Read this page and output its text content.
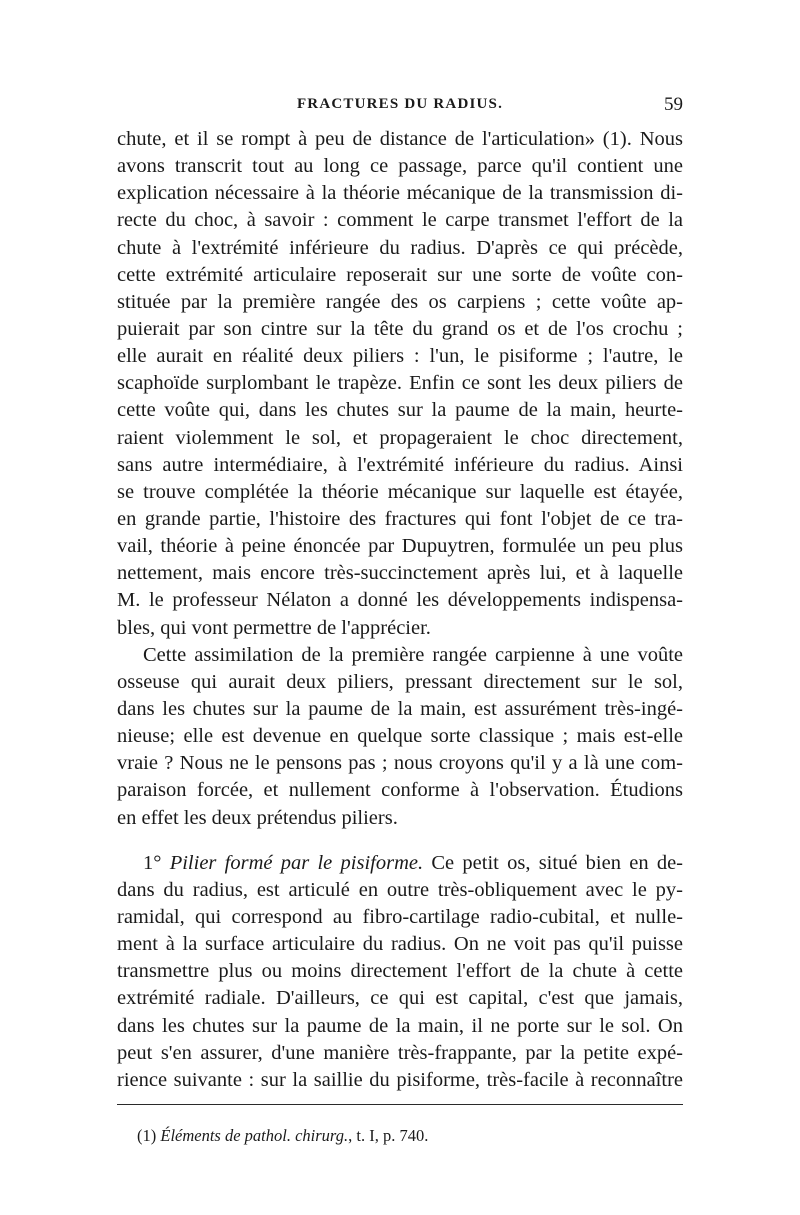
FRACTURES DU RADIUS.	59
chute, et il se rompt à peu de distance de l'articulation» (1). Nous
avons transcrit tout au long ce passage, parce qu'il contient une
explication nécessaire à la théorie mécanique de la transmission di-
recte du choc, à savoir : comment le carpe transmet l'effort de la
chute à l'extrémité inférieure du radius. D'après ce qui précède,
cette extrémité articulaire reposerait sur une sorte de voûte con-
stituée par la première rangée des os carpiens ; cette voûte ap-
puierait par son cintre sur la tête du grand os et de l'os crochu ;
elle aurait en réalité deux piliers : l'un, le pisiforme ; l'autre, le
scaphoïde surplombant le trapèze. Enfin ce sont les deux piliers de
cette voûte qui, dans les chutes sur la paume de la main, heurte-
raient violemment le sol, et propageraient le choc directement,
sans autre intermédiaire, à l'extrémité inférieure du radius. Ainsi
se trouve complétée la théorie mécanique sur laquelle est étayée,
en grande partie, l'histoire des fractures qui font l'objet de ce tra-
vail, théorie à peine énoncée par Dupuytren, formulée un peu plus
nettement, mais encore très-succinctement après lui, et à laquelle
M. le professeur Nélaton a donné les développements indispensa-
bles, qui vont permettre de l'apprécier.
Cette assimilation de la première rangée carpienne à une voûte
osseuse qui aurait deux piliers, pressant directement sur le sol,
dans les chutes sur la paume de la main, est assurément très-ingé-
nieuse; elle est devenue en quelque sorte classique ; mais est-elle
vraie ? Nous ne le pensons pas ; nous croyons qu'il y a là une com-
paraison forcée, et nullement conforme à l'observation. Étudions
en effet les deux prétendus piliers.
1° Pilier formé par le pisiforme. Ce petit os, situé bien en de-
dans du radius, est articulé en outre très-obliquement avec le py-
ramidal, qui correspond au fibro-cartilage radio-cubital, et nulle-
ment à la surface articulaire du radius. On ne voit pas qu'il puisse
transmettre plus ou moins directement l'effort de la chute à cette
extrémité radiale. D'ailleurs, ce qui est capital, c'est que jamais,
dans les chutes sur la paume de la main, il ne porte sur le sol. On
peut s'en assurer, d'une manière très-frappante, par la petite expé-
rience suivante : sur la saillie du pisiforme, très-facile à reconnaître
(1) Éléments de pathol. chirurg., t. I, p. 740.
